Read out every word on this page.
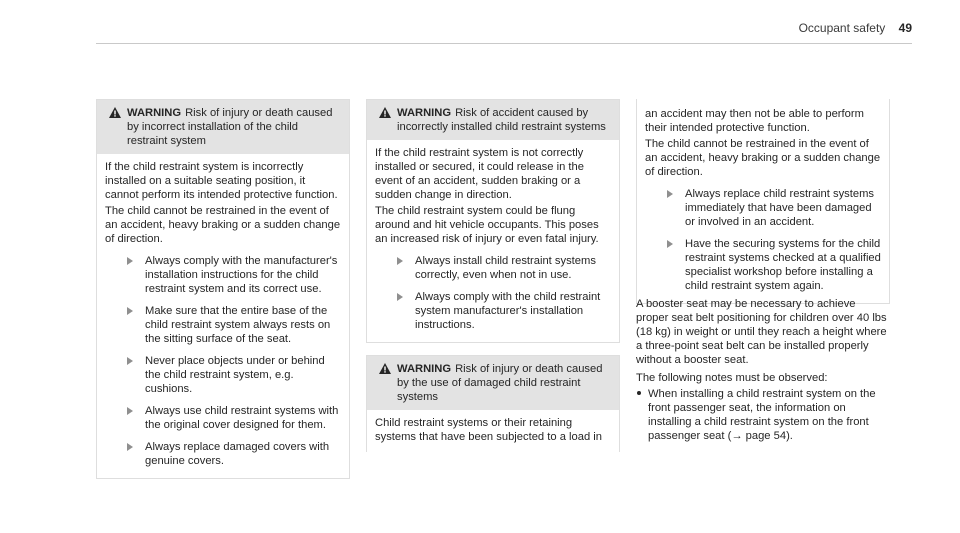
Occupant safety 49
WARNING Risk of injury or death caused by incorrect installation of the child restraint system

If the child restraint system is incorrectly installed on a suitable seating position, it cannot perform its intended protective function.

The child cannot be restrained in the event of an accident, heavy braking or a sudden change of direction.

Always comply with the manufacturer's installation instructions for the child restraint system and its correct use.
Make sure that the entire base of the child restraint system always rests on the sitting surface of the seat.
Never place objects under or behind the child restraint system, e.g. cushions.
Always use child restraint systems with the original cover designed for them.
Always replace damaged covers with genuine covers.
WARNING Risk of accident caused by incorrectly installed child restraint systems

If the child restraint system is not correctly installed or secured, it could release in the event of an accident, sudden braking or a sudden change in direction.

The child restraint system could be flung around and hit vehicle occupants. This poses an increased risk of injury or even fatal injury.

Always install child restraint systems correctly, even when not in use.
Always comply with the child restraint system manufacturer's installation instructions.
WARNING Risk of injury or death caused by the use of damaged child restraint systems

Child restraint systems or their retaining systems that have been subjected to a load in

an accident may then not be able to perform their intended protective function.

The child cannot be restrained in the event of an accident, heavy braking or a sudden change of direction.

Always replace child restraint systems immediately that have been damaged or involved in an accident.
Have the securing systems for the child restraint systems checked at a qualified specialist workshop before installing a child restraint system again.

A booster seat may be necessary to achieve proper seat belt positioning for children over 40 lbs (18 kg) in weight or until they reach a height where a three-point seat belt can be installed properly without a booster seat.

The following notes must be observed:

When installing a child restraint system on the front passenger seat, the information on installing a child restraint system on the front passenger seat (→ page 54).
